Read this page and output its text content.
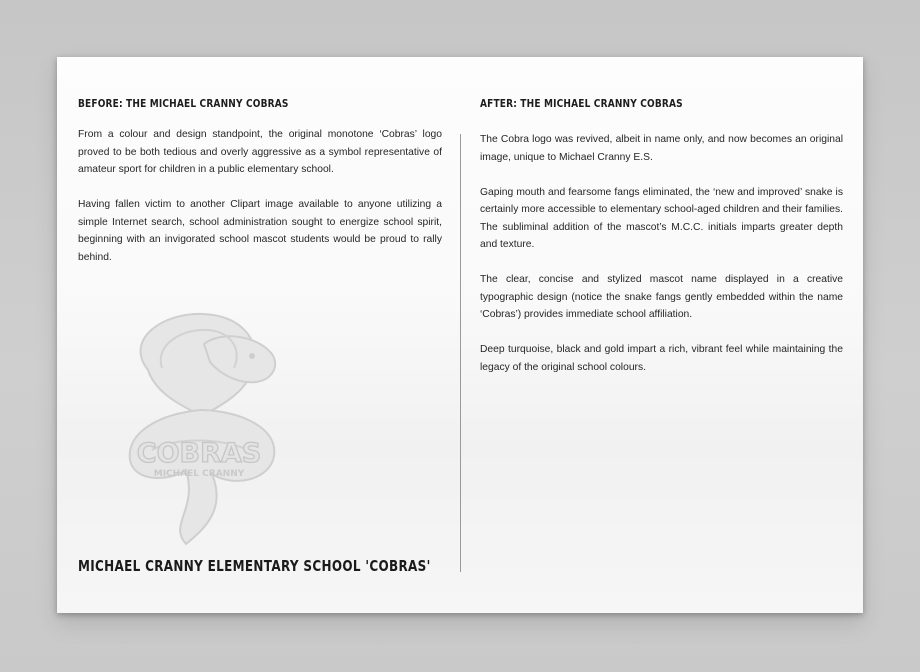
BEFORE: THE MICHAEL CRANNY COBRAS

From a colour and design standpoint, the original monotone ‘Cobras’ logo proved to be both tedious and overly aggressive as a symbol representative of amateur sport for children in a public elementary school.

Having fallen victim to another Clipart image available to anyone utilizing a simple Internet search, school administration sought to energize school spirit, beginning with an invigorated school mascot students would be proud to rally behind.

AFTER: THE MICHAEL CRANNY COBRAS

The Cobra logo was revived, albeit in name only, and now becomes an original image, unique to Michael Cranny E.S.

Gaping mouth and fearsome fangs eliminated, the ‘new and improved’ snake is certainly more accessible to elementary school-aged children and their families. The subliminal addition of the mascot’s M.C.C. initials imparts greater depth and texture.

The clear, concise and stylized mascot name displayed in a creative typographic design (notice the snake fangs gently embedded within the name ‘Cobras’) provides immediate school affiliation.

Deep turquoise, black and gold impart a rich, vibrant feel while maintaining the legacy of the original school colours.

COBRAS
MICHAEL CRANNY
MICHAEL CRANNY ELEMENTARY SCHOOL 'COBRAS'
